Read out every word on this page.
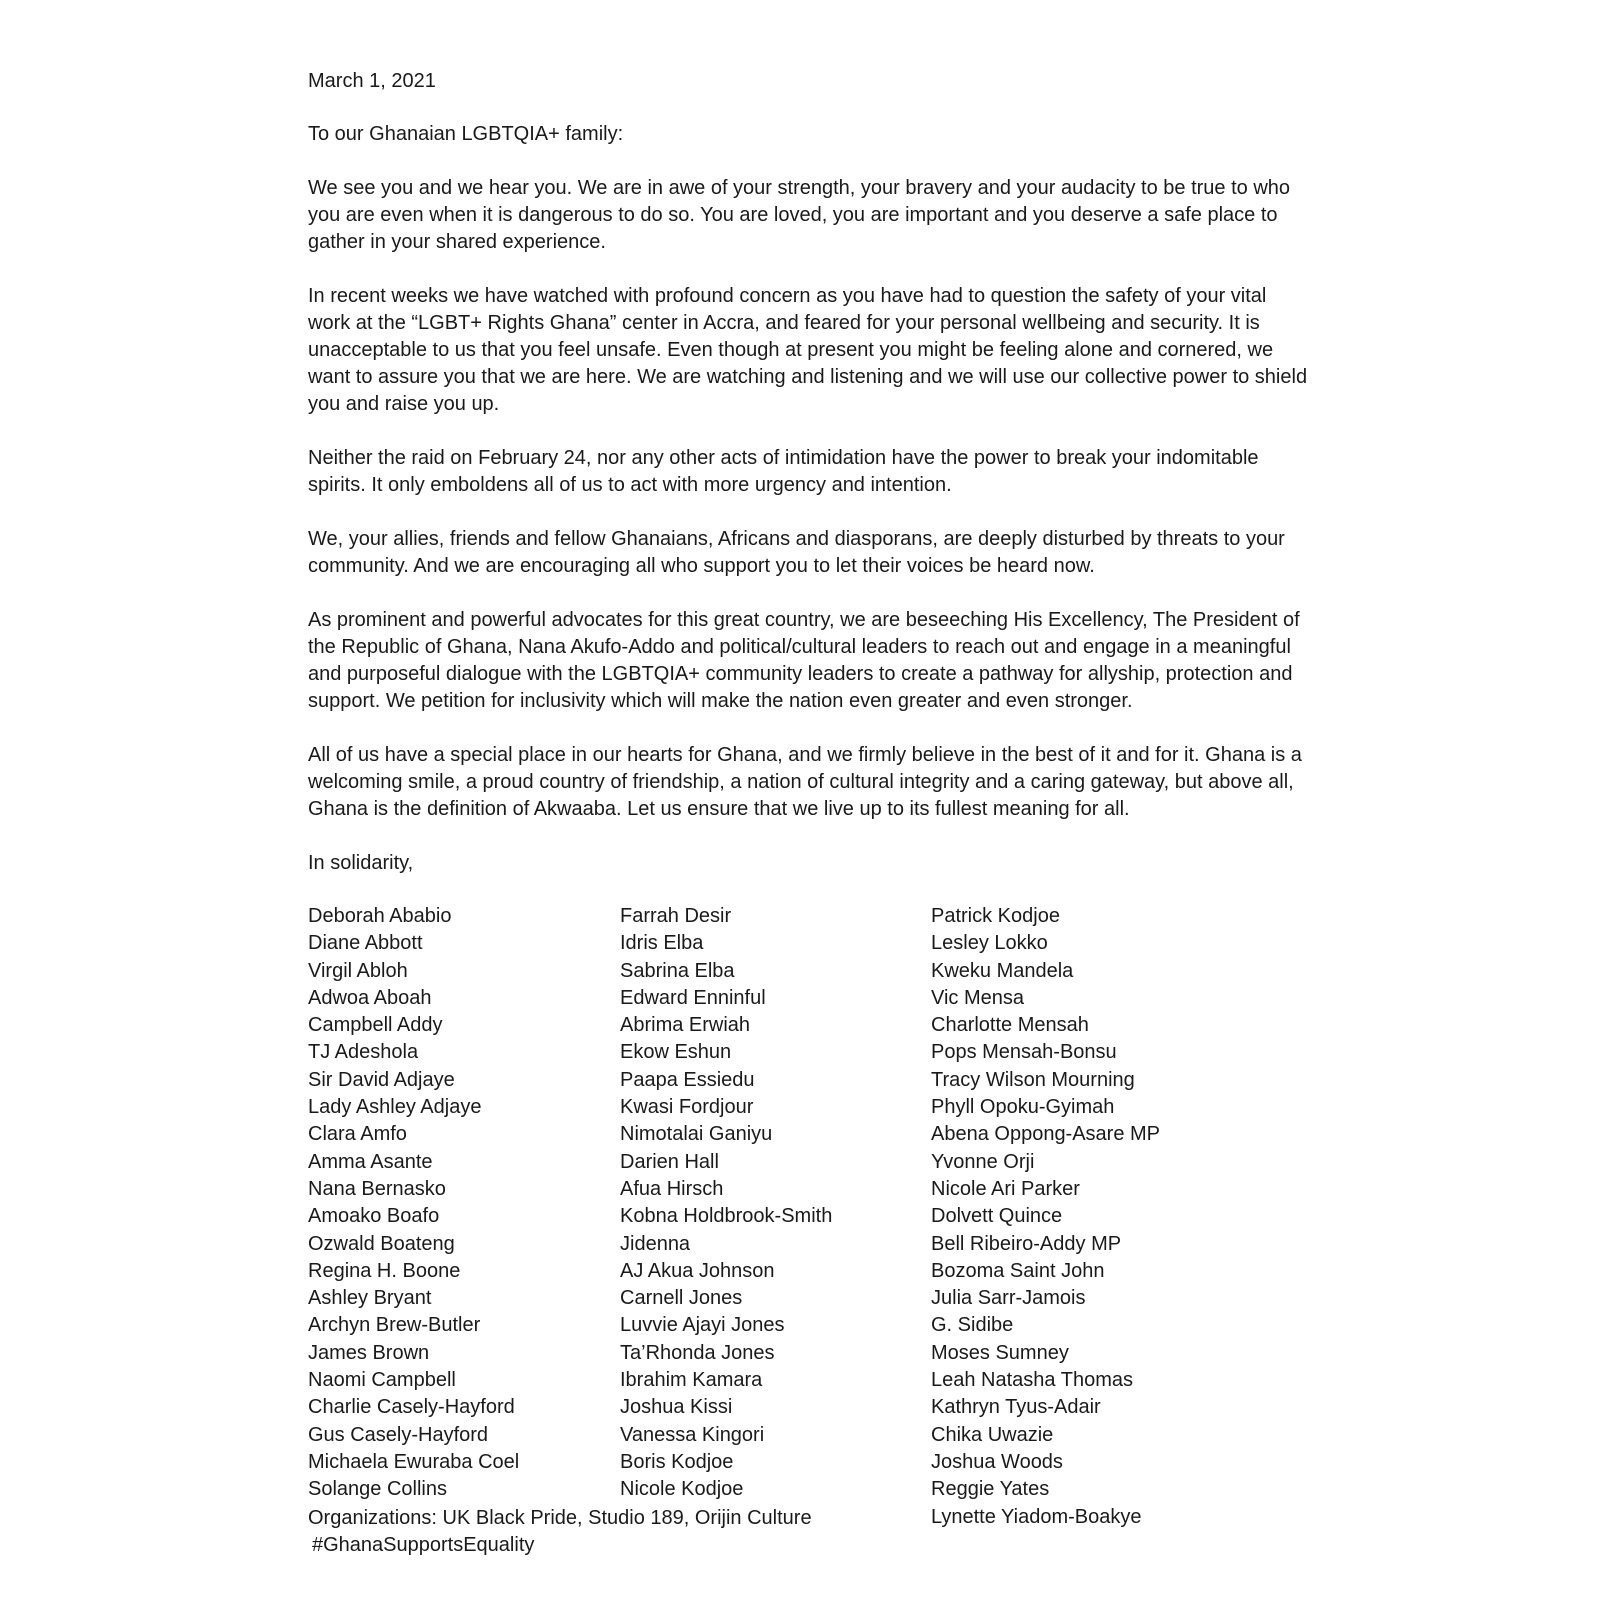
March 1, 2021
To our Ghanaian LGBTQIA+ family:
We see you and we hear you. We are in awe of your strength, your bravery and your audacity to be true to who you are even when it is dangerous to do so. You are loved, you are important and you deserve a safe place to gather in your shared experience.
In recent weeks we have watched with profound concern as you have had to question the safety of your vital work at the “LGBT+ Rights Ghana” center in Accra, and feared for your personal wellbeing and security. It is unacceptable to us that you feel unsafe. Even though at present you might be feeling alone and cornered, we want to assure you that we are here. We are watching and listening and we will use our collective power to shield you and raise you up.
Neither the raid on February 24, nor any other acts of intimidation have the power to break your indomitable spirits. It only emboldens all of us to act with more urgency and intention.
We, your allies, friends and fellow Ghanaians, Africans and diasporans, are deeply disturbed by threats to your community. And we are encouraging all who support you to let their voices be heard now.
As prominent and powerful advocates for this great country, we are beseeching His Excellency, The President of the Republic of Ghana, Nana Akufo-Addo and political/cultural leaders to reach out and engage in a meaningful and purposeful dialogue with the LGBTQIA+ community leaders to create a pathway for allyship, protection and support. We petition for inclusivity which will make the nation even greater and even stronger.
All of us have a special place in our hearts for Ghana, and we firmly believe in the best of it and for it. Ghana is a welcoming smile, a proud country of friendship, a nation of cultural integrity and a caring gateway, but above all, Ghana is the definition of Akwaaba. Let us ensure that we live up to its fullest meaning for all.
In solidarity,
Deborah Ababio
Diane Abbott
Virgil Abloh
Adwoa Aboah
Campbell Addy
TJ Adeshola
Sir David Adjaye
Lady Ashley Adjaye
Clara Amfo
Amma Asante
Nana Bernasko
Amoako Boafo
Ozwald Boateng
Regina H. Boone
Ashley Bryant
Archyn Brew-Butler
James Brown
Naomi Campbell
Charlie Casely-Hayford
Gus Casely-Hayford
Michaela Ewuraba Coel
Solange Collins
Farrah Desir
Idris Elba
Sabrina Elba
Edward Enninful
Abrima Erwiah
Ekow Eshun
Paapa Essiedu
Kwasi Fordjour
Nimotalai Ganiyu
Darien Hall
Afua Hirsch
Kobna Holdbrook-Smith
Jidenna
AJ Akua Johnson
Carnell Jones
Luvvie Ajayi Jones
Ta’Rhonda Jones
Ibrahim Kamara
Joshua Kissi
Vanessa Kingori
Boris Kodjoe
Nicole Kodjoe
Patrick Kodjoe
Lesley Lokko
Kweku Mandela
Vic Mensa
Charlotte Mensah
Pops Mensah-Bonsu
Tracy Wilson Mourning
Phyll Opoku-Gyimah
Abena Oppong-Asare MP
Yvonne Orji
Nicole Ari Parker
Dolvett Quince
Bell Ribeiro-Addy MP
Bozoma Saint John
Julia Sarr-Jamois
G. Sidibe
Moses Sumney
Leah Natasha Thomas
Kathryn Tyus-Adair
Chika Uwazie
Joshua Woods
Reggie Yates
Lynette Yiadom-Boakye
Organizations: UK Black Pride, Studio 189, Orijin Culture
#GhanaSupportsEquality
